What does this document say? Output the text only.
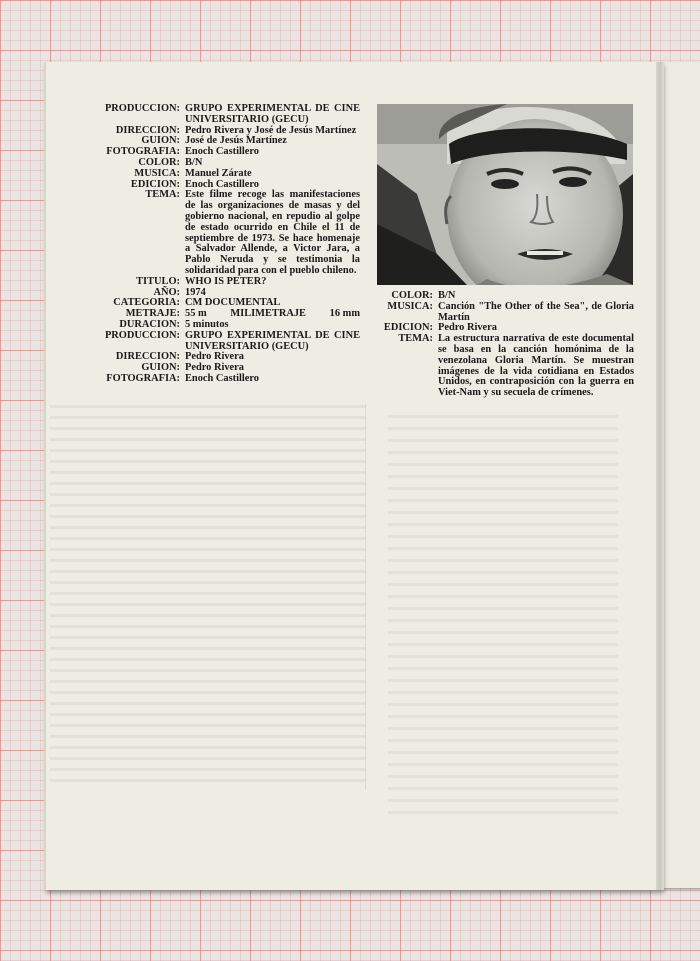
PRODUCCION: GRUPO EXPERIMENTAL DE CINE UNIVERSITARIO (GECU)
DIRECCION: Pedro Rivera y José de Jesús Martínez
GUION: José de Jesús Martínez
FOTOGRAFIA: Enoch Castillero
COLOR: B/N
MUSICA: Manuel Zárate
EDICION: Enoch Castillero
TEMA: Este filme recoge las manifestaciones de las organizaciones de masas y del gobierno nacional, en repudio al golpe de estado ocurrido en Chile el 11 de septiembre de 1973. Se hace homenaje a Salvador Allende, a Victor Jara, a Pablo Neruda y se testimonia la solidaridad para con el pueblo chileno.
TITULO: WHO IS PETER?
AÑO: 1974
CATEGORIA: CM DOCUMENTAL
METRAJE: 55 m MILIMETRAJE 16 mm
DURACION: 5 minutos
PRODUCCION: GRUPO EXPERIMENTAL DE CINE UNIVERSITARIO (GECU)
DIRECCION: Pedro Rivera
GUION: Pedro Rivera
FOTOGRAFIA: Enoch Castillero
COLOR: B/N
MUSICA: Canción "The Other of the Sea", de Gloria Martín
EDICION: Pedro Rivera
TEMA: La estructura narrativa de este documental se basa en la canción homónima de la venezolana Gloria Martín. Se muestran imágenes de la vida cotidiana en Estados Unidos, en contraposición con la guerra en Viet-Nam y su secuela de crímenes.
